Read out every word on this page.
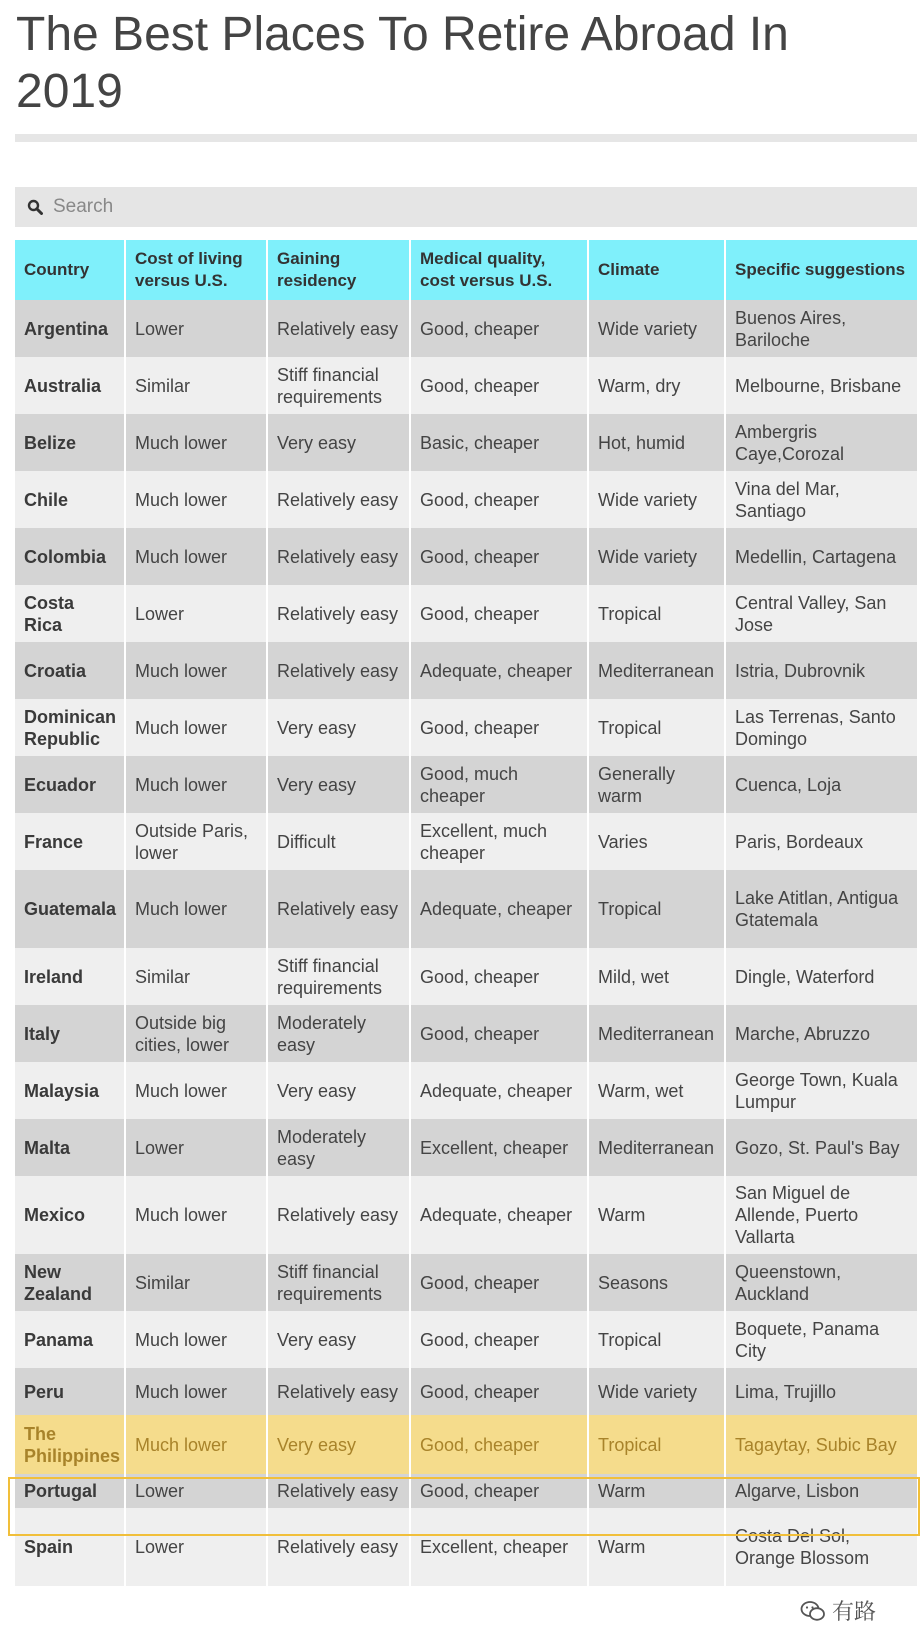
The Best Places To Retire Abroad In 2019
Search
Country	Cost of living versus U.S.	Gaining residency	Medical quality, cost versus U.S.	Climate	Specific suggestions
Argentina	Lower	Relatively easy	Good, cheaper	Wide variety	Buenos Aires, Bariloche
Australia	Similar	Stiff financial requirements	Good, cheaper	Warm, dry	Melbourne, Brisbane
Belize	Much lower	Very easy	Basic, cheaper	Hot, humid	Ambergris Caye,Corozal
Chile	Much lower	Relatively easy	Good, cheaper	Wide variety	Vina del Mar, Santiago
Colombia	Much lower	Relatively easy	Good, cheaper	Wide variety	Medellin, Cartagena
Costa Rica	Lower	Relatively easy	Good, cheaper	Tropical	Central Valley, San Jose
Croatia	Much lower	Relatively easy	Adequate, cheaper	Mediterranean	Istria, Dubrovnik
Dominican Republic	Much lower	Very easy	Good, cheaper	Tropical	Las Terrenas, Santo Domingo
Ecuador	Much lower	Very easy	Good, much cheaper	Generally warm	Cuenca, Loja
France	Outside Paris, lower	Difficult	Excellent, much cheaper	Varies	Paris, Bordeaux
Guatemala	Much lower	Relatively easy	Adequate, cheaper	Tropical	Lake Atitlan, Antigua Gtatemala
Ireland	Similar	Stiff financial requirements	Good, cheaper	Mild, wet	Dingle, Waterford
Italy	Outside big cities, lower	Moderately easy	Good, cheaper	Mediterranean	Marche, Abruzzo
Malaysia	Much lower	Very easy	Adequate, cheaper	Warm, wet	George Town, Kuala Lumpur
Malta	Lower	Moderately easy	Excellent, cheaper	Mediterranean	Gozo, St. Paul's Bay
Mexico	Much lower	Relatively easy	Adequate, cheaper	Warm	San Miguel de Allende, Puerto Vallarta
New Zealand	Similar	Stiff financial requirements	Good, cheaper	Seasons	Queenstown, Auckland
Panama	Much lower	Very easy	Good, cheaper	Tropical	Boquete, Panama City
Peru	Much lower	Relatively easy	Good, cheaper	Wide variety	Lima, Trujillo
The Philippines	Much lower	Very easy	Good, cheaper	Tropical	Tagaytay, Subic Bay
Portugal	Lower	Relatively easy	Good, cheaper	Warm	Algarve, Lisbon
Spain	Lower	Relatively easy	Excellent, cheaper	Warm	Costa Del Sol, Orange Blossom
有路
